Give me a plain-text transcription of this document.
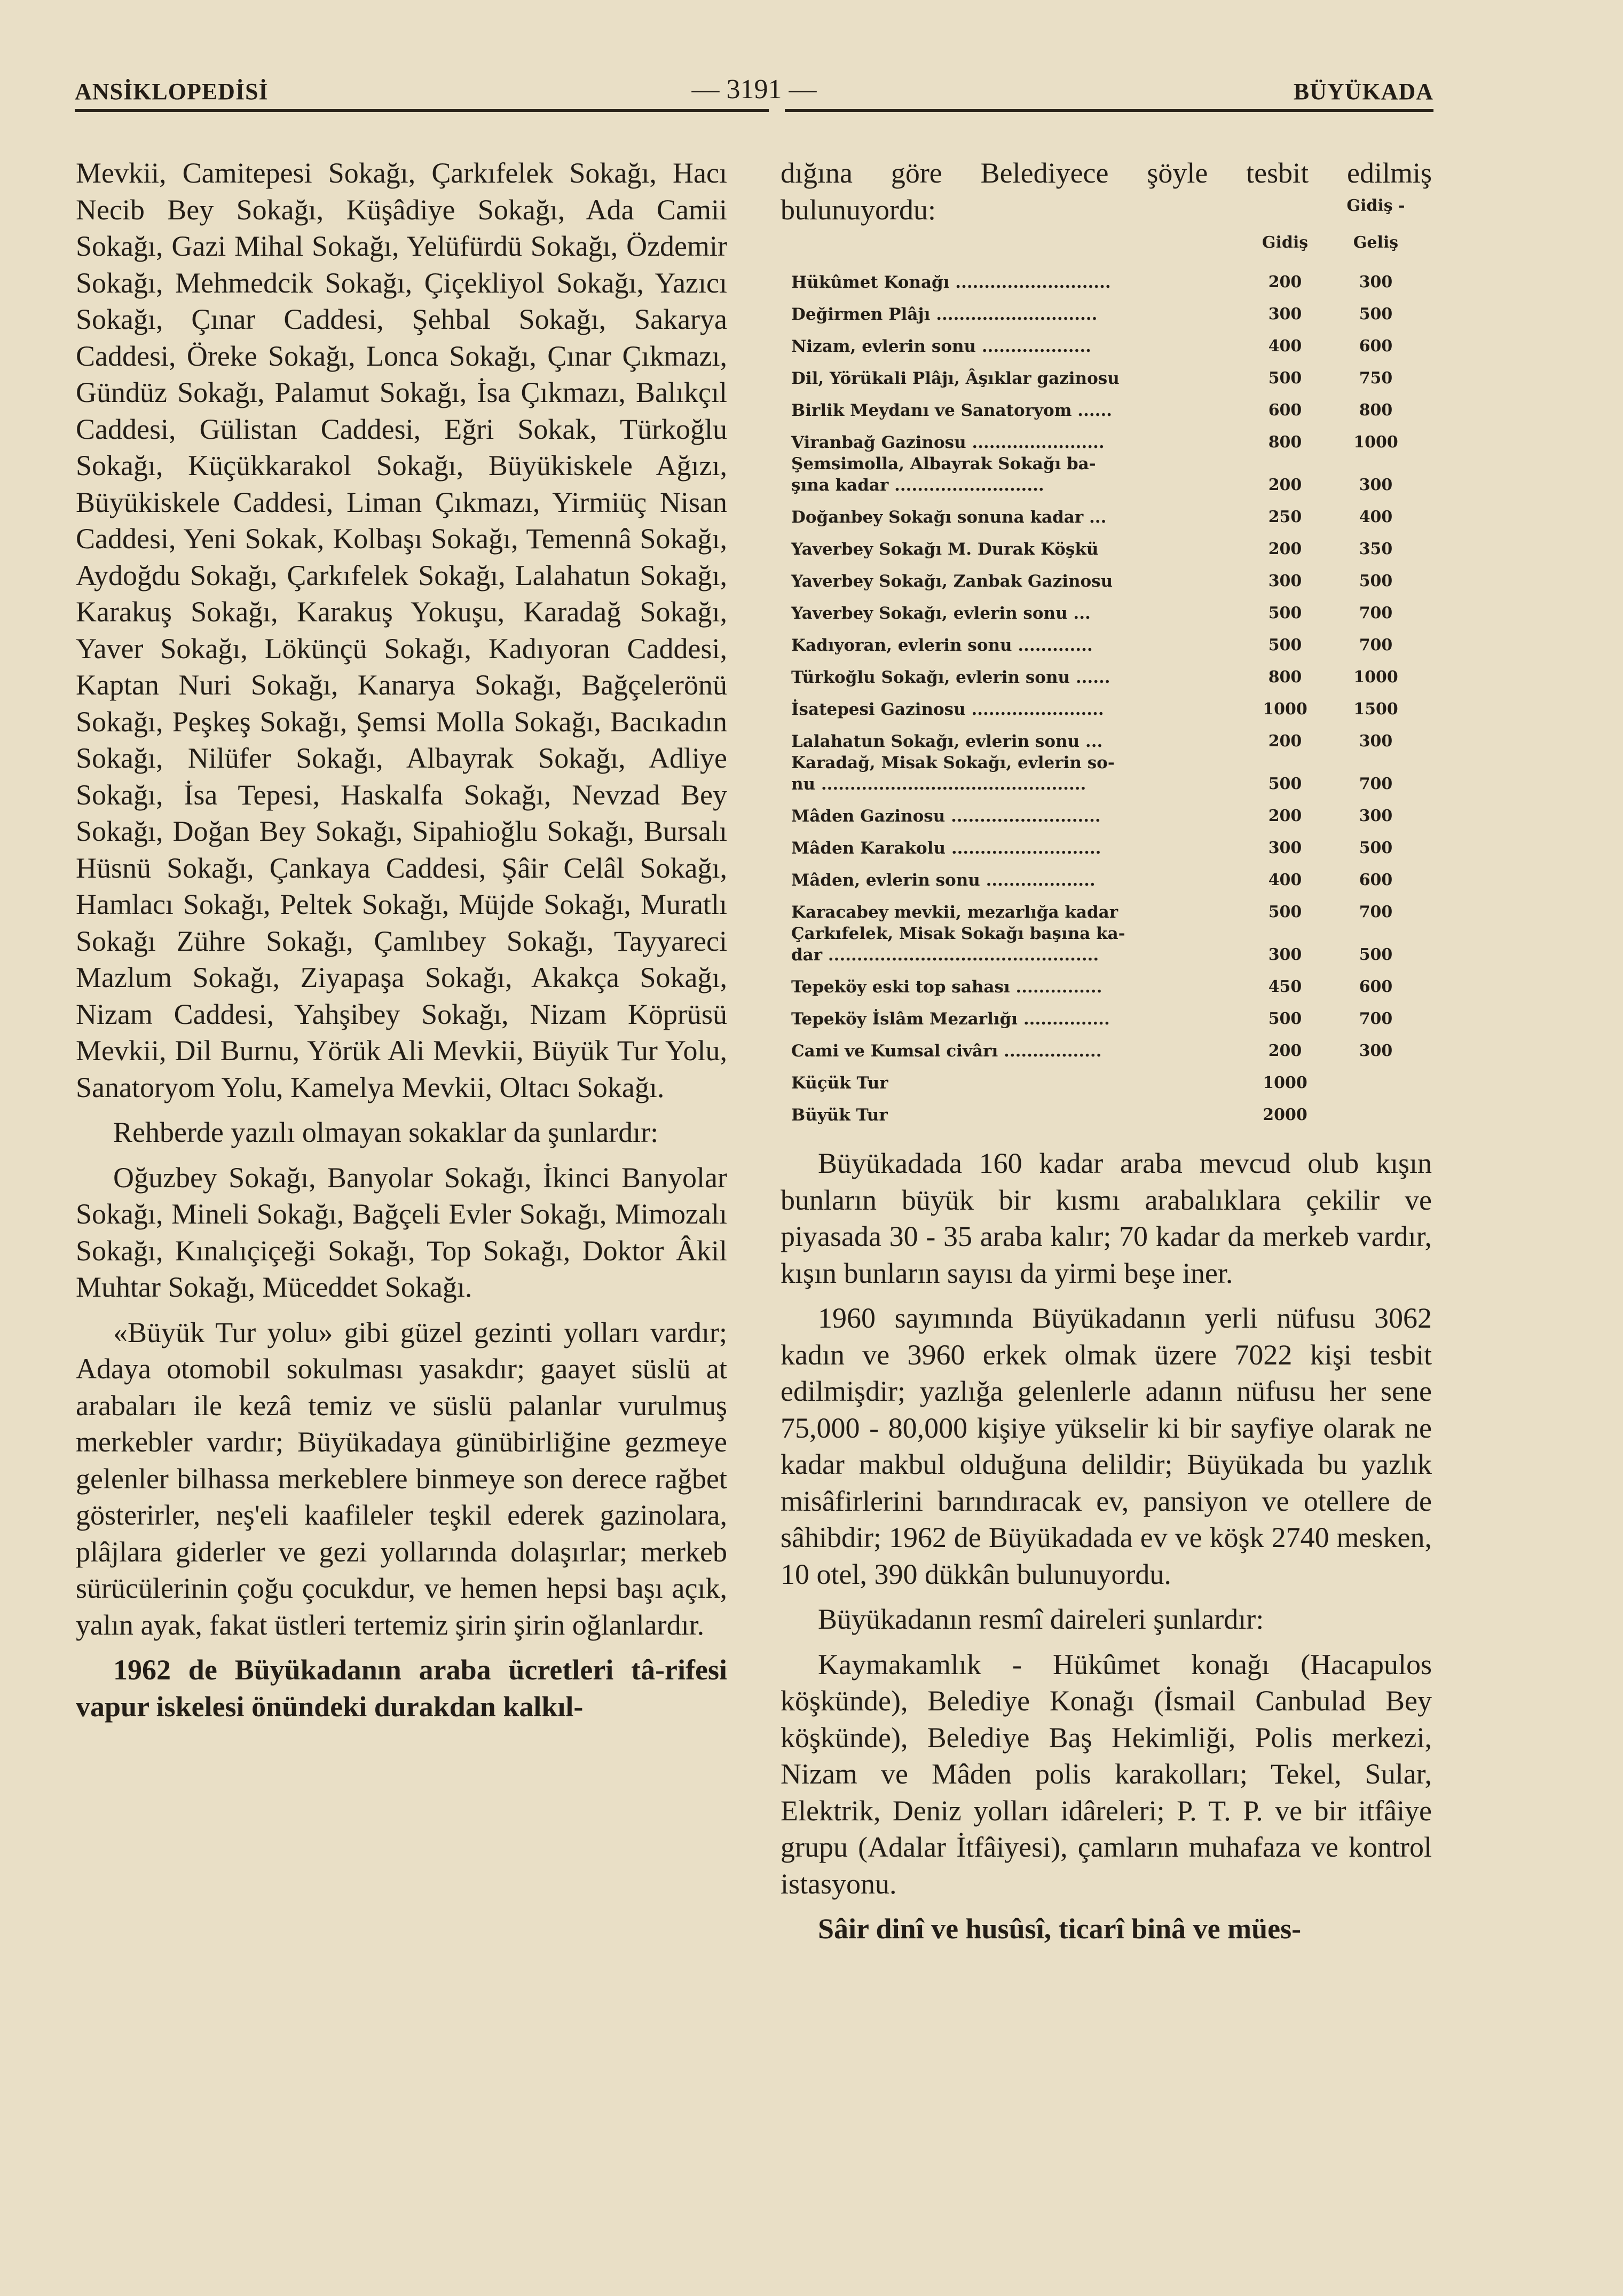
ANSİKLOPEDİSİ	— 3191 —	BÜYÜKADA

Mevkii, Camitepesi Sokağı, Çarkıfelek Sokağı, Hacı Necib Bey Sokağı, Küşâdiye Sokağı, Ada Camii Sokağı, Gazi Mihal Sokağı, Yelüfürdü Sokağı, Özdemir Sokağı, Mehmedcik Sokağı, Çiçekliyol Sokağı, Yazıcı Sokağı, Çınar Caddesi, Şehbal Sokağı, Sakarya Caddesi, Öreke Sokağı, Lonca Sokağı, Çınar Çıkmazı, Gündüz Sokağı, Palamut Sokağı, İsa Çıkmazı, Balıkçıl Caddesi, Gülistan Caddesi, Eğri Sokak, Türkoğlu Sokağı, Küçükkarakol Sokağı, Büyükiskele Ağızı, Büyükiskele Caddesi, Liman Çıkmazı, Yirmiüç Nisan Caddesi, Yeni Sokak, Kolbaşı Sokağı, Temennâ Sokağı, Aydoğdu Sokağı, Çarkıfelek Sokağı, Lalahatun Sokağı, Karakuş Sokağı, Karakuş Yokuşu, Karadağ Sokağı, Yaver Sokağı, Lökünçü Sokağı, Kadıyoran Caddesi, Kaptan Nuri Sokağı, Kanarya Sokağı, Bağçelerönü Sokağı, Peşkeş Sokağı, Şemsi Molla Sokağı, Bacıkadın Sokağı, Nilüfer Sokağı, Albayrak Sokağı, Adliye Sokağı, İsa Tepesi, Haskalfa Sokağı, Nevzad Bey Sokağı, Doğan Bey Sokağı, Sipahioğlu Sokağı, Bursalı Hüsnü Sokağı, Çankaya Caddesi, Şâir Celâl Sokağı, Hamlacı Sokağı, Peltek Sokağı, Müjde Sokağı, Muratlı Sokağı Zühre Sokağı, Çamlıbey Sokağı, Tayyareci Mazlum Sokağı, Ziyapaşa Sokağı, Akakça Sokağı, Nizam Caddesi, Yahşibey Sokağı, Nizam Köprüsü Mevkii, Dil Burnu, Yörük Ali Mevkii, Büyük Tur Yolu, Sanatoryom Yolu, Kamelya Mevkii, Oltacı Sokağı.

Rehberde yazılı olmayan sokaklar da şunlardır:

Oğuzbey Sokağı, Banyolar Sokağı, İkinci Banyolar Sokağı, Mineli Sokağı, Bağçeli Evler Sokağı, Mimozalı Sokağı, Kınalıçiçeği Sokağı, Top Sokağı, Doktor Âkil Muhtar Sokağı, Müceddet Sokağı.

«Büyük Tur yolu» gibi güzel gezinti yolları vardır; Adaya otomobil sokulması yasakdır; gaayet süslü at arabaları ile kezâ temiz ve süslü palanlar vurulmuş merkebler vardır; Büyükadaya günübirliğine gezmeye gelenler bilhassa merkeblere binmeye son derece rağbet gösterirler, neş'eli kaafileler teşkil ederek gazinolara, plâjlara giderler ve gezi yollarında dolaşırlar; merkeb sürücülerinin çoğu çocukdur, ve hemen hepsi başı açık, yalın ayak, fakat üstleri tertemiz şirin şirin oğlanlardır.

1962 de Büyükadanın araba ücretleri tâ-rifesi vapur iskelesi önündeki durakdan kalkıl-

dığına göre Belediyece şöyle tesbit edilmiş bulunuyordu:

Gidiş
Gidiş - Geliş
Hükûmet Konağı ...........................	200	300
Değirmen Plâjı ............................	300	500
Nizam, evlerin sonu ...................	400	600
Dil, Yörükali Plâjı, Âşıklar gazinosu	500	750
Birlik Meydanı ve Sanatoryom ......	600	800
Viranbağ Gazinosu .......................	800	1000
Şemsimolla, Albayrak Sokağı ba-
şına kadar ..........................	200	300
Doğanbey Sokağı sonuna kadar ...	250	400
Yaverbey Sokağı M. Durak Köşkü	200	350
Yaverbey Sokağı, Zanbak Gazinosu	300	500
Yaverbey Sokağı, evlerin sonu ...	500	700
Kadıyoran, evlerin sonu .............	500	700
Türkoğlu Sokağı, evlerin sonu ......	800	1000
İsatepesi Gazinosu .......................	1000	1500
Lalahatun Sokağı, evlerin sonu ...	200	300
Karadağ, Misak Sokağı, evlerin so-
nu ..............................................	500	700
Mâden Gazinosu ..........................	200	300
Mâden Karakolu ..........................	300	500
Mâden, evlerin sonu ...................	400	600
Karacabey mevkii, mezarlığa kadar	500	700
Çarkıfelek, Misak Sokağı başına ka-
dar ...............................................	300	500
Tepeköy eski top sahası ...............	450	600
Tepeköy İslâm Mezarlığı ...............	500	700
Cami ve Kumsal civârı .................	200	300
Küçük Tur	1000
Büyük Tur	2000

Büyükadada 160 kadar araba mevcud olub kışın bunların büyük bir kısmı arabalıklara çekilir ve piyasada 30 - 35 araba kalır; 70 kadar da merkeb vardır, kışın bunların sayısı da yirmi beşe iner.

1960 sayımında Büyükadanın yerli nüfusu 3062 kadın ve 3960 erkek olmak üzere 7022 kişi tesbit edilmişdir; yazlığa gelenlerle adanın nüfusu her sene 75,000 - 80,000 kişiye yükselir ki bir sayfiye olarak ne kadar makbul olduğuna delildir; Büyükada bu yazlık misâfirlerini barındıracak ev, pansiyon ve otellere de sâhibdir; 1962 de Büyükadada ev ve köşk 2740 mesken, 10 otel, 390 dükkân bulunuyordu.

Büyükadanın resmî daireleri şunlardır:

Kaymakamlık - Hükûmet konağı (Hacapulos köşkünde), Belediye Konağı (İsmail Canbulad Bey köşkünde), Belediye Baş Hekimliği, Polis merkezi, Nizam ve Mâden polis karakolları; Tekel, Sular, Elektrik, Deniz yolları idâreleri; P. T. P. ve bir itfâiye grupu (Adalar İtfâiyesi), çamların muhafaza ve kontrol istasyonu.

Sâir dinî ve husûsî, ticarî binâ ve mües-
